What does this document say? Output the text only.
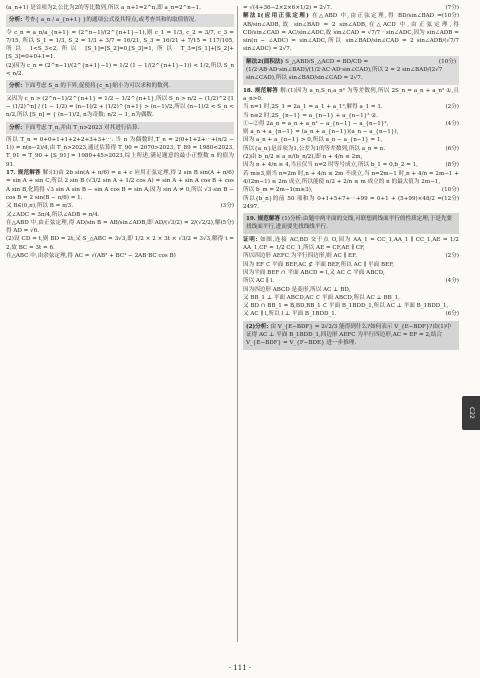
(a_n+1) 是首项为2,公比为2的等比数列,所以 a_n+1=2^n,即 a_n=2^n−1.

分析: 考查{ a_n / a_{n+1} }的通项公式及其特点,或考查其和的取值情况.

令 c_n = a_n/a_{n+1} = (2^n−1)/(2^{n+1}−1),则 c_1 = 1/3, c_2 = 3/7, c_3 = 7/15, 所以 S_1 = 1/3, S_2 = 1/3 + 3/7 = 16/21, S_3 = 16/21 + 7/15 = 117/105, 所以 1<S_3<2,所以 [S_1]=[S_2]=0,[S_3]=1,所以 T_3=[S_1]+[S_2]+[S_3]=0+0+1=1.

(2)因为 c_n = (2^n−1)/(2^{n+1}−1) = 1/2 (1 − 1/(2^{n+1}−1)) < 1/2,所以 S_n < n/2.

分析: 下面考虑 S_n 的下界,促使将{c_n}缩小为可以求和的数列.

又因为 c_n > (2^n−1)/2^{n+1} = 1/2 − 1/2^{n+1},所以 S_n > n/2 − (1/2)^2 [1 − (1/2)^n] / (1 − 1/2) = (n−1)/2 + (1/2)^{n+1} > (n−1)/2,所以 (n−1)/2 < S_n < n/2,所以 [S_n] = { (n−1)/2, n为奇数; n/2 − 1, n为偶数.

分析: 下面考虑 T_n,并由 T_n>2023 对其进行估算.

所以 T_n = 0+0+1+1+2+2+3+3+⋯. 当 n 为偶数时,T_n = 2(0+1+2+⋯+(n/2 − 1)) = n(n−2)/4,由 T_n>2023,通过估算得 T_90 = 2070>2023, T_89 = 1980<2023, T_91 = T_90 + [S_91] = 1980+45>2023,综上所述,满足题意的最小正整数 n 的值为 91.

17. 规范解答 解:(1)由 2b sin(A + π/6) = a + c 应用正弦定理,得 2 sin B sin(A + π/6) = sin A + sin C,所以 2 sin B (√3/2 sin A + 1/2 cos A) = sin A + sin A cos B + cos A sin B,化简得 √3 sin A sin B − sin A cos B = sin A,因为 sin A ≠ 0,所以 √3 sin B − cos B = 2 sin(B − π/6) = 1.

(3分)
又 B∈(0,π),所以 B = π/3.

又∠ADC = 3π/4,所以∠ADB = π/4.

(5分)
在△ABD 中,由正弦定理,得 AD/sin B = AB/sin∠ADB,即 AD/(√3/2) = 2/(√2/2),解得 AD = √6.

(2)设 CD = t,则 BD = 2t,又 S_△ABC = 3√3,即 1/2 × 2 × 3t × √3/2 = 3√3,解得 t = 2,故 BC = 3t = 6.

在△ABC 中,由余弦定理,得 AC = √(AB² + BC² − 2AB·BC cos B)

(7分)
= √(4+36−2×2×6×1/2) = 2√7.

(10分)
解法1(应用正弦定理) 在△ABD 中,由正弦定理,得 BD/sin∠BAD = AB/sin∠ADB,故 sin∠BAD = 2 sin∠ADB,在△ACD 中,由正弦定理,得 CD/sin∠CAD = AC/sin∠ADC,故 sin∠CAD = √7/7 · sin∠ADC,因为 sin∠ADB = sin(π − ∠ADC) = sin∠ADC,所以 sin∠BAD/sin∠CAD = 2 sin∠ADB/(√7/7 sin∠ADC) = 2√7.

(10分)
解法2(面积法) S_△ABD/S_△ACD = BD/CD = (1/2·AB·AD·sin∠BAD)/(1/2·AC·AD·sin∠CAD),所以 2 = 2 sin∠BAD/(2√7 sin∠CAD),所以 sin∠BAD/sin∠CAD = 2√7.

18. 规范解答 解:(1)因为 a_n,S_n,a_n² 为等差数列,所以 2S_n = a_n + a_n² ①,且 a_n>0.

(2分)
当 n=1 时,2S_1 = 2a_1 = a_1 + a_1²,解得 a_1 = 1.

当 n≥2 时,2S_{n−1} = a_{n−1} + a_{n−1}² ②.

(4分)
①−②得 2a_n = a_n + a_n² − a_{n−1} − a_{n−1}²,

则 a_n + a_{n−1} = (a_n + a_{n−1})(a_n − a_{n−1}),

因为 a_n + a_{n−1} > 0,所以 a_n − a_{n−1} = 1,

(6分)
所以{a_n}是首项为1,公差为1的等差数列,所以 a_n = n.

(2)由 b_n/2 ≤ a_n/(b_n/2),即 n + 4/n ≤ 2m,

(8分)
因为 n + 4/n ≥ 4,当且仅当 n=2 时等号成立,所以 b_1 = 0,b_2 = 1,

若 m≥3,则当 n=2m 时,n + 4/n ≤ 2m 不成立,当 n=2m−1 时,n + 4/n = 2m−1 + 4/(2m−1) ≤ 2m 成立,所以能使 n/2 + 2/n ≤ m 成立的 n 的最大值为 2m−1,

(10分)
所以 b_m = 2m−1(m≥3),

(12分)
所以{b_n}的前 50 项和为 0+1+5+7+⋯+99 = 0+1 + (5+99)×48/2 = 2497.

19. 规范解答 (1)分析:由题中两平面的交线,可联想到线面平行的性质定理,于是先要找线面平行,进而要先找线线平行.

证明: 如图,连接 AC,BD 交于点 O,因为 AA_1 = CC_1,AA_1 ∥ CC_1,AE = 1/2 AA_1,CF = 1/2 CC_1,所以 AE = CF,AE ∥ CF,

(2分)
所以四边形 AEFC 为平行四边形,则 AC ∥ EF.

因为 EF ⊂ 平面 BEF,AC ⊄ 平面 BEF,所以 AC ∥ 平面 BEF,

因为平面 BEF ∩ 平面 ABCD = l,又 AC ⊂ 平面 ABCD,

(4分)
所以 AC ∥ l.

因为四边形 ABCD 是菱形,所以 AC ⊥ BD,

又 BB_1 ⊥ 平面 ABCD,AC ⊂ 平面 ABCD,所以 AC ⊥ BB_1,

又 BD ∩ BB_1 = B,BD,BB_1 ⊂ 平面 B_1BDD_1,所以 AC ⊥ 平面 B_1BDD_1,

(6分)
又 AC ∥ l,所以 l ⊥ 平面 B_1BDD_1.

(2)分析: 由 V_{E−BDF} = 2√2/3 能得到什么?如何表示 V_{E−BDF}?由(1)中证得 AC ⊥ 平面 B_1BDD_1,四边形 AEFC 为平行四边形,AC = EF = 2,结合 V_{E−BDF} = V_{F−BDE} 进一步推理.
C22
· 111 ·
